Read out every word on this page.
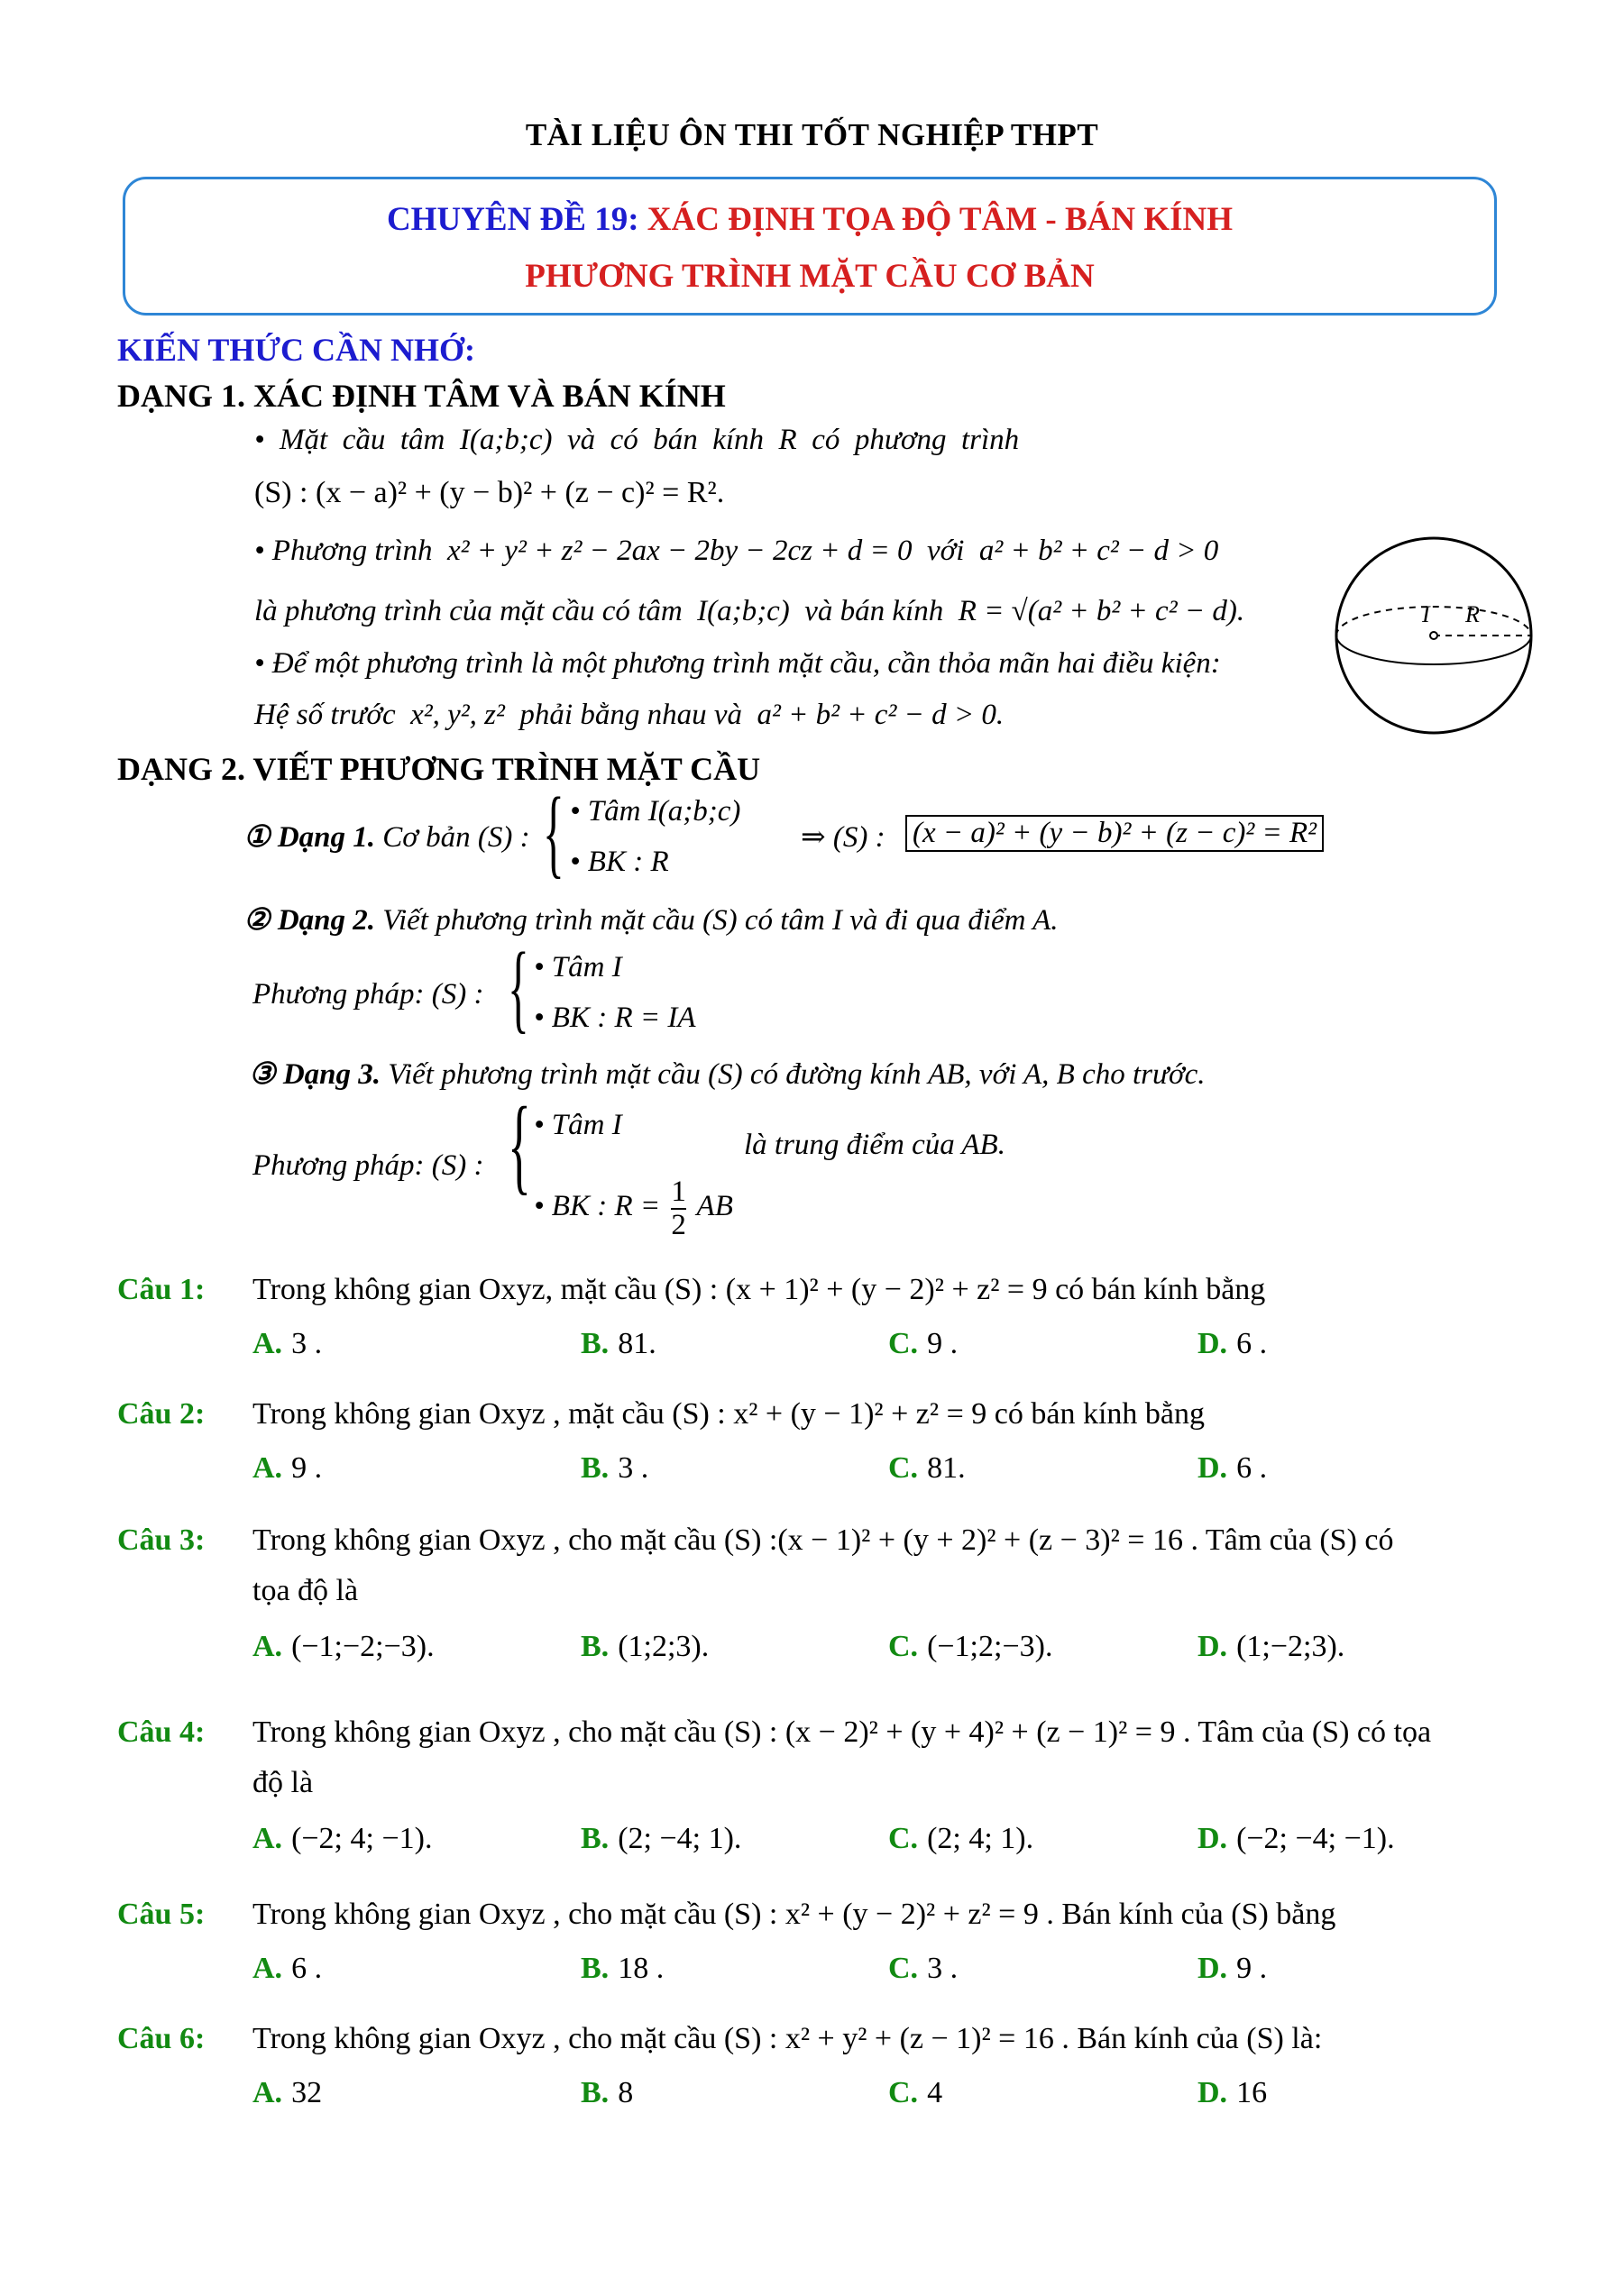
TÀI LIỆU ÔN THI TỐT NGHIỆP THPT
CHUYÊN ĐỀ 19: XÁC ĐỊNH TỌA ĐỘ TÂM - BÁN KÍNH
PHƯƠNG TRÌNH MẶT CẦU CƠ BẢN
KIẾN THỨC CẦN NHỚ:
DẠNG 1. XÁC ĐỊNH TÂM VÀ BÁN KÍNH
•  Mặt  cầu  tâm  I(a;b;c)  và  có  bán  kính  R  có  phương  trình
(S) : (x − a)² + (y − b)² + (z − c)² = R².
• Phương trình  x² + y² + z² − 2ax − 2by − 2cz + d = 0  với  a² + b² + c² − d > 0
là phương trình của mặt cầu có tâm  I(a;b;c)  và bán kính  R = √(a² + b² + c² − d).
• Để một phương trình là một phương trình mặt cầu, cần thỏa mãn hai điều kiện:
Hệ số trước  x², y², z²  phải bằng nhau và  a² + b² + c² − d > 0.
I R
DẠNG 2. VIẾT PHƯƠNG TRÌNH MẶT CẦU
① Dạng 1. Cơ bản (S) : { • Tâm I(a;b;c)
• BK : R
⇒ (S) : (x − a)² + (y − b)² + (z − c)² = R²
② Dạng 2. Viết phương trình mặt cầu (S) có tâm I và đi qua điểm A.
Phương pháp: (S) : { • Tâm I
• BK : R = IA
③ Dạng 3. Viết phương trình mặt cầu (S) có đường kính AB, với A, B cho trước.
Phương pháp: (S) : { • Tâm I
là trung điểm của AB.
• BK : $R = \frac{1}{2}$ AB
Câu 1: Trong không gian Oxyz, mặt cầu (S) : (x + 1)² + (y − 2)² + z² = 9 có bán kính bằng
A. 3 .	B. 81.	C. 9 .	D. 6 .
Câu 2: Trong không gian Oxyz , mặt cầu (S) : x² + (y − 1)² + z² = 9 có bán kính bằng
A. 9 .	B. 3 .	C. 81.	D. 6 .
Câu 3: Trong không gian Oxyz , cho mặt cầu (S) :(x − 1)² + (y + 2)² + (z − 3)² = 16 . Tâm của (S) có
tọa độ là
A. (−1;−2;−3).	B. (1;2;3).	C. (−1;2;−3).	D. (1;−2;3).
Câu 4: Trong không gian Oxyz , cho mặt cầu (S) : (x − 2)² + (y + 4)² + (z − 1)² = 9 . Tâm của (S) có tọa
độ là
A. (−2; 4; −1).	B. (2; −4; 1).	C. (2; 4; 1).	D. (−2; −4; −1).
Câu 5: Trong không gian Oxyz , cho mặt cầu (S) : x² + (y − 2)² + z² = 9 . Bán kính của (S) bằng
A. 6 .	B. 18 .	C. 3 .	D. 9 .
Câu 6: Trong không gian Oxyz , cho mặt cầu (S) : x² + y² + (z − 1)² = 16 . Bán kính của (S) là:
A. 32	B. 8	C. 4	D. 16
